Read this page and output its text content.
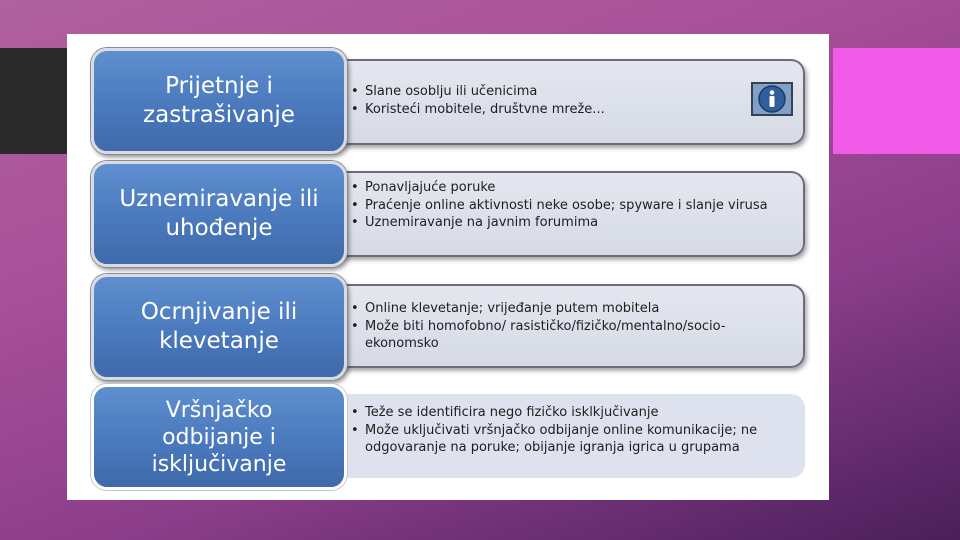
• Slane osoblju ili učenicima
• Koristeći mobitele, društvne mreže...
Prijetnje i
zastrašivanje
• Ponavljajuće poruke
• Praćenje online aktivnosti neke osobe; spyware i slanje virusa
• Uznemiravanje na javnim forumima
Uznemiravanje ili
uhođenje
• Online klevetanje; vrijeđanje putem mobitela
• Može biti homofobno/ rasističko/fizičko/mentalno/socio-ekonomsko
Ocrnjivanje ili
klevetanje
• Teže se identificira nego fizičko isklkjučivanje
• Može uključivati vršnjačko odbijanje online komunikacije; ne odgovaranje na poruke; obijanje igranja igrica u grupama
Vršnjačko
odbijanje i
isključivanje
